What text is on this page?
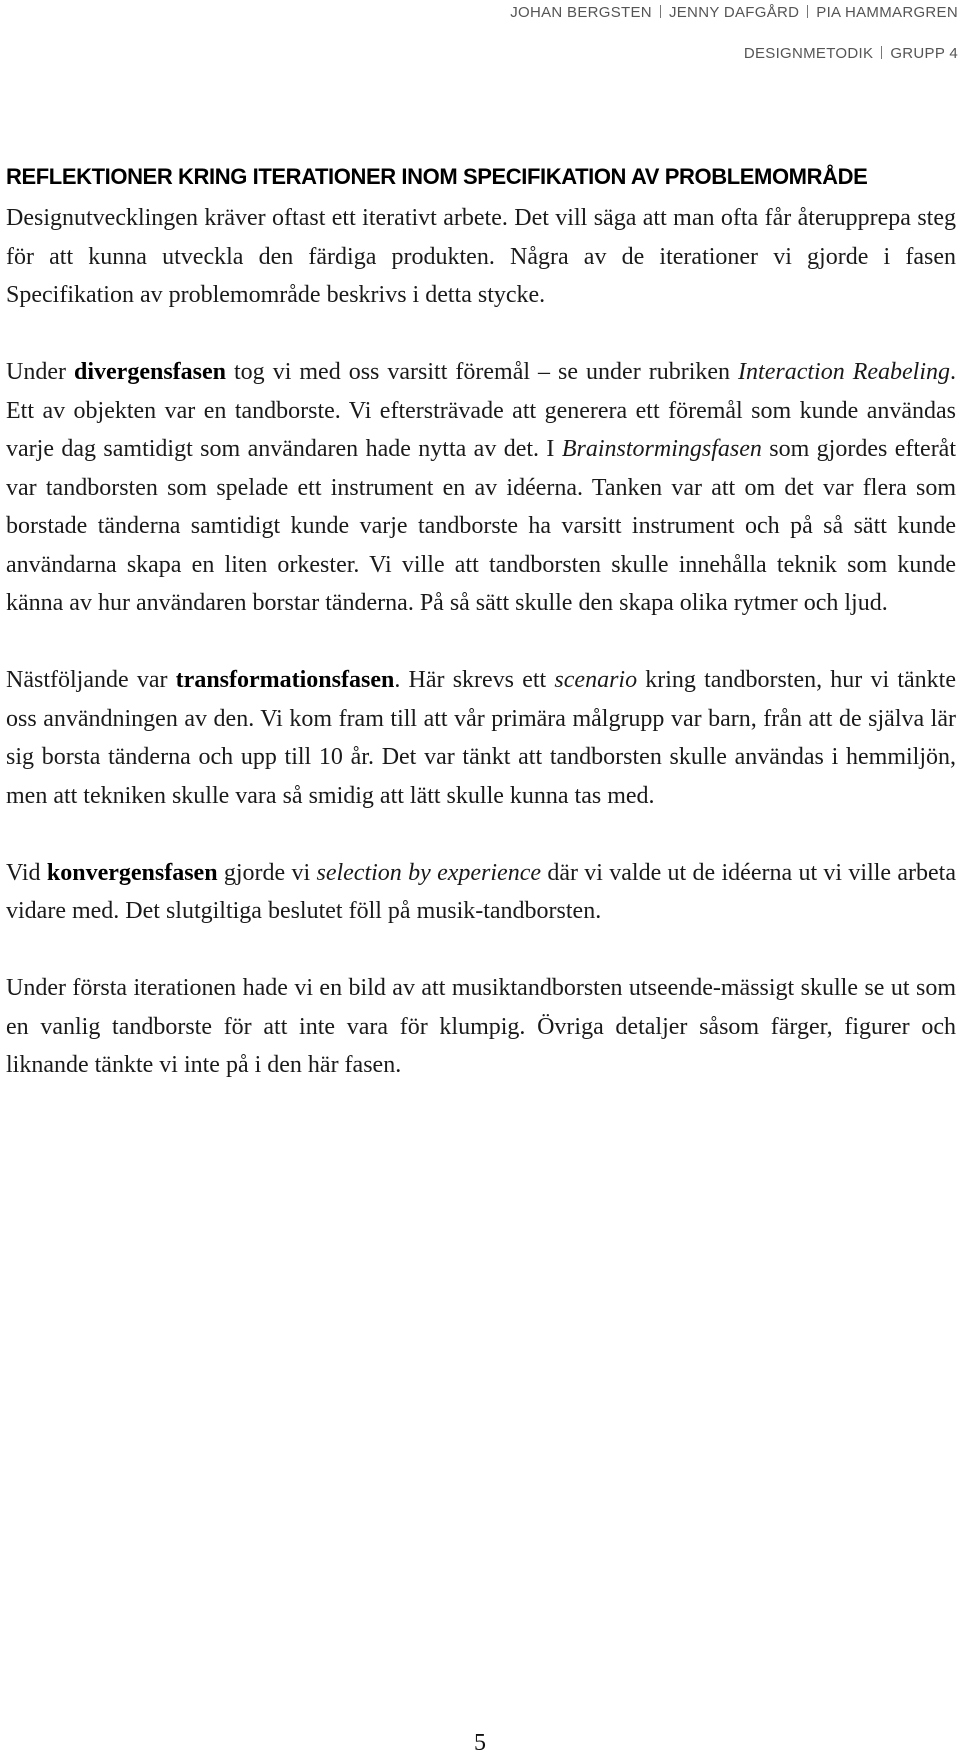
JOHAN BERGSTEN JENNY DAFGÅRD PIA HAMMARGREN
DESIGNMETODIK GRUPP 4
REFLEKTIONER KRING ITERATIONER INOM SPECIFIKATION AV PROBLEMOMRÅDE

Designutvecklingen kräver oftast ett iterativt arbete. Det vill säga att man ofta får återupprepa steg för att kunna utveckla den färdiga produkten. Några av de iterationer vi gjorde i fasen Specifikation av problemområde beskrivs i detta stycke.

Under divergensfasen tog vi med oss varsitt föremål – se under rubriken Interaction Reabeling. Ett av objekten var en tandborste. Vi eftersträvade att generera ett föremål som kunde användas varje dag samtidigt som användaren hade nytta av det. I Brainstormingsfasen som gjordes efteråt var tandborsten som spelade ett instrument en av idéerna. Tanken var att om det var flera som borstade tänderna samtidigt kunde varje tandborste ha varsitt instrument och på så sätt kunde användarna skapa en liten orkester. Vi ville att tandborsten skulle innehålla teknik som kunde känna av hur användaren borstar tänderna. På så sätt skulle den skapa olika rytmer och ljud.

Nästföljande var transformationsfasen. Här skrevs ett scenario kring tandborsten, hur vi tänkte oss användningen av den. Vi kom fram till att vår primära målgrupp var barn, från att de själva lär sig borsta tänderna och upp till 10 år. Det var tänkt att tandborsten skulle användas i hemmiljön, men att tekniken skulle vara så smidig att lätt skulle kunna tas med.

Vid konvergensfasen gjorde vi selection by experience där vi valde ut de idéerna ut vi ville arbeta vidare med. Det slutgiltiga beslutet föll på musik-tandborsten.

Under första iterationen hade vi en bild av att musiktandborsten utseende-mässigt skulle se ut som en vanlig tandborste för att inte vara för klumpig. Övriga detaljer såsom färger, figurer och liknande tänkte vi inte på i den här fasen.

5
